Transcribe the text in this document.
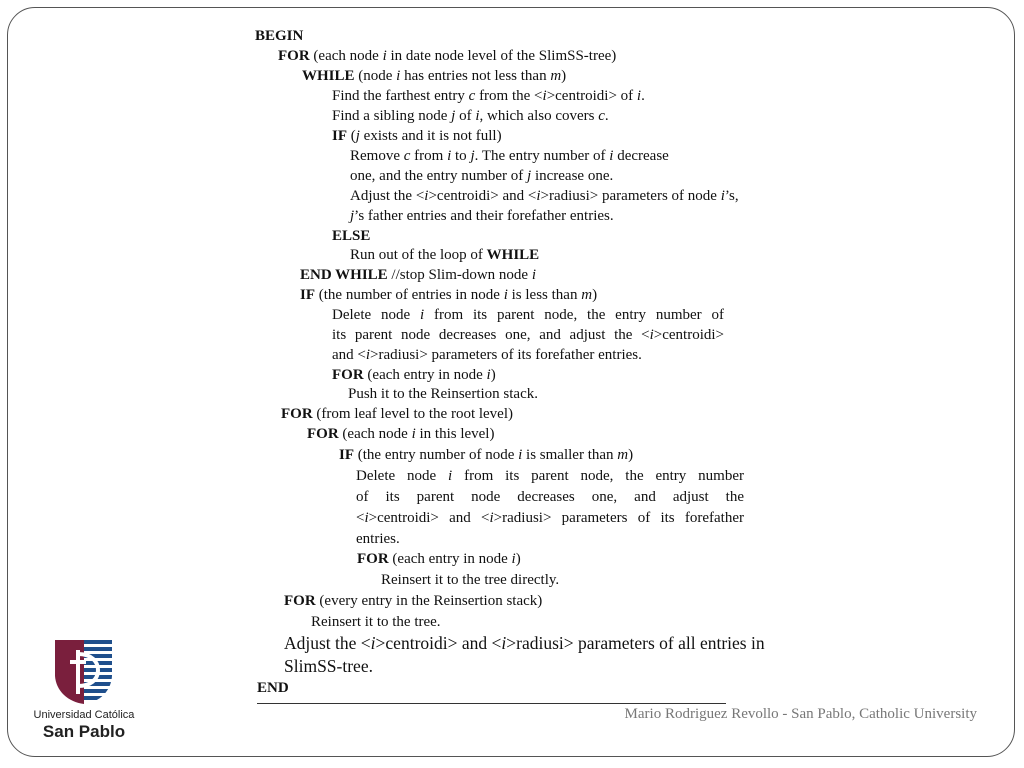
BEGIN
FOR (each node i in date node level of the SlimSS-tree)
WHILE (node i has entries not less than m)
Find the farthest entry c from the <i>centroidi> of i.
Find a sibling node j of i, which also covers c.
IF (j exists and it is not full)
Remove c from i to j. The entry number of i decrease
one, and the entry number of j increase one.
Adjust the <i>centroidi> and <i>radiusi> parameters of node i’s,
j’s father entries and their forefather entries.
ELSE
Run out of the loop of WHILE
END WHILE //stop Slim-down node i
IF (the number of entries in node i is less than m)
Delete node i from its parent node, the entry number of
its parent node decreases one, and adjust the <i>centroidi>
and <i>radiusi> parameters of its forefather entries.
FOR (each entry in node i)
Push it to the Reinsertion stack.
FOR (from leaf level to the root level)
FOR (each node i in this level)
IF (the entry number of node i is smaller than m)
Delete node i from its parent node, the entry number
of its parent node decreases one, and adjust the
<i>centroidi> and <i>radiusi> parameters of its forefather
entries.
FOR (each entry in node i)
Reinsert it to the tree directly.
FOR (every entry in the Reinsertion stack)
Reinsert it to the tree.
Adjust the <i>centroidi> and <i>radiusi> parameters of all entries in
SlimSS-tree.
END
Mario Rodriguez Revollo - San Pablo, Catholic University
Universidad Católica
San Pablo
